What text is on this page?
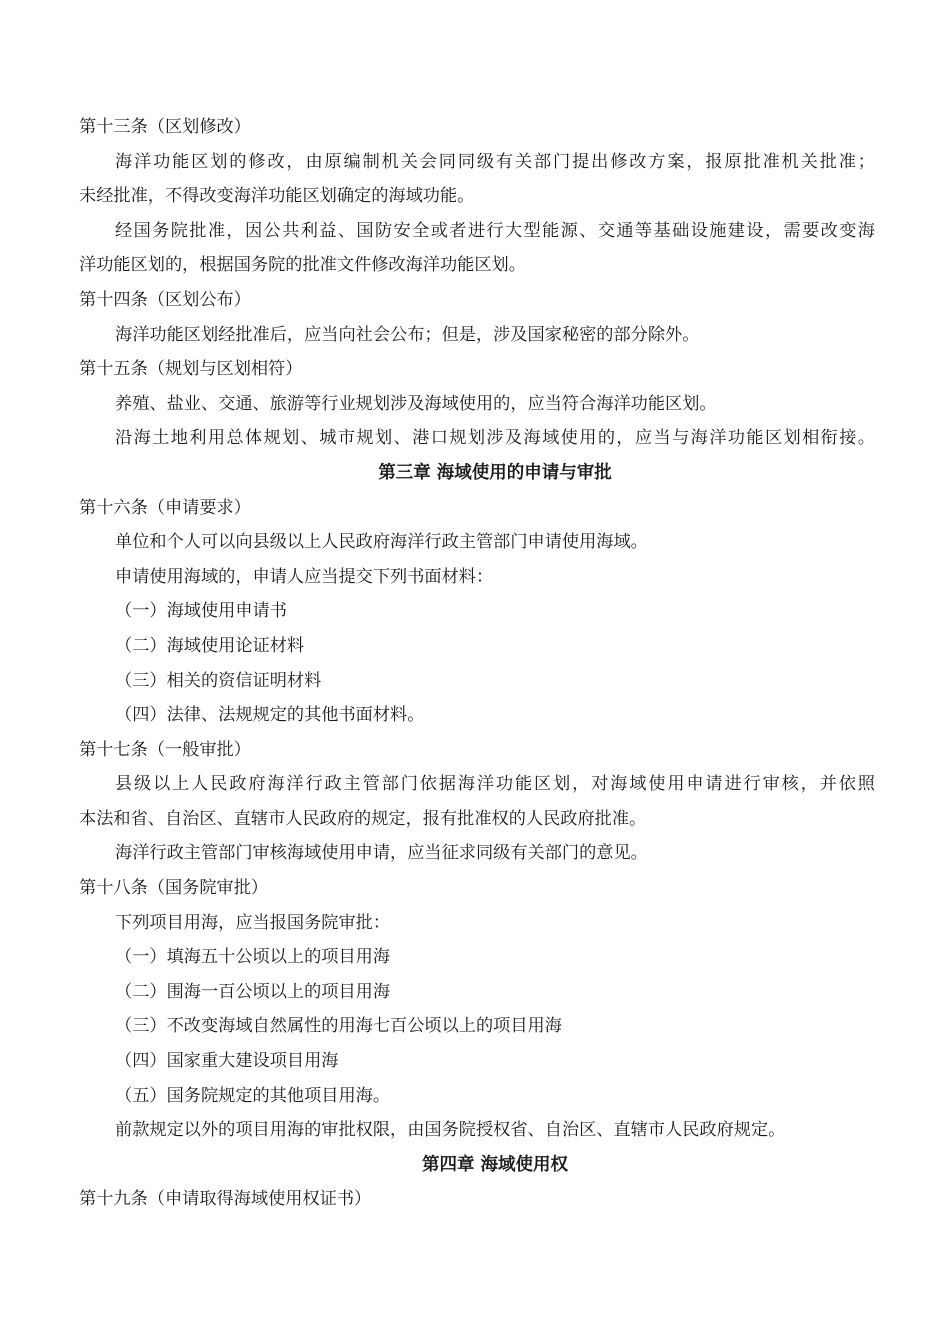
第十三条（区划修改）
海洋功能区划的修改，由原编制机关会同同级有关部门提出修改方案，报原批准机关批准；
未经批准，不得改变海洋功能区划确定的海域功能。
经国务院批准，因公共利益、国防安全或者进行大型能源、交通等基础设施建设，需要改变海
洋功能区划的，根据国务院的批准文件修改海洋功能区划。
第十四条（区划公布）
海洋功能区划经批准后，应当向社会公布；但是，涉及国家秘密的部分除外。
第十五条（规划与区划相符）
养殖、盐业、交通、旅游等行业规划涉及海域使用的，应当符合海洋功能区划。
沿海土地利用总体规划、城市规划、港口规划涉及海域使用的，应当与海洋功能区划相衔接。
第三章 海域使用的申请与审批
第十六条（申请要求）
单位和个人可以向县级以上人民政府海洋行政主管部门申请使用海域。
申请使用海域的，申请人应当提交下列书面材料：
（一）海域使用申请书
（二）海域使用论证材料
（三）相关的资信证明材料
（四）法律、法规规定的其他书面材料。
第十七条（一般审批）
县级以上人民政府海洋行政主管部门依据海洋功能区划，对海域使用申请进行审核，并依照
本法和省、自治区、直辖市人民政府的规定，报有批准权的人民政府批准。
海洋行政主管部门审核海域使用申请，应当征求同级有关部门的意见。
第十八条（国务院审批）
下列项目用海，应当报国务院审批：
（一）填海五十公顷以上的项目用海
（二）围海一百公顷以上的项目用海
（三）不改变海域自然属性的用海七百公顷以上的项目用海
（四）国家重大建设项目用海
（五）国务院规定的其他项目用海。
前款规定以外的项目用海的审批权限，由国务院授权省、自治区、直辖市人民政府规定。
第四章 海域使用权
第十九条（申请取得海域使用权证书）
